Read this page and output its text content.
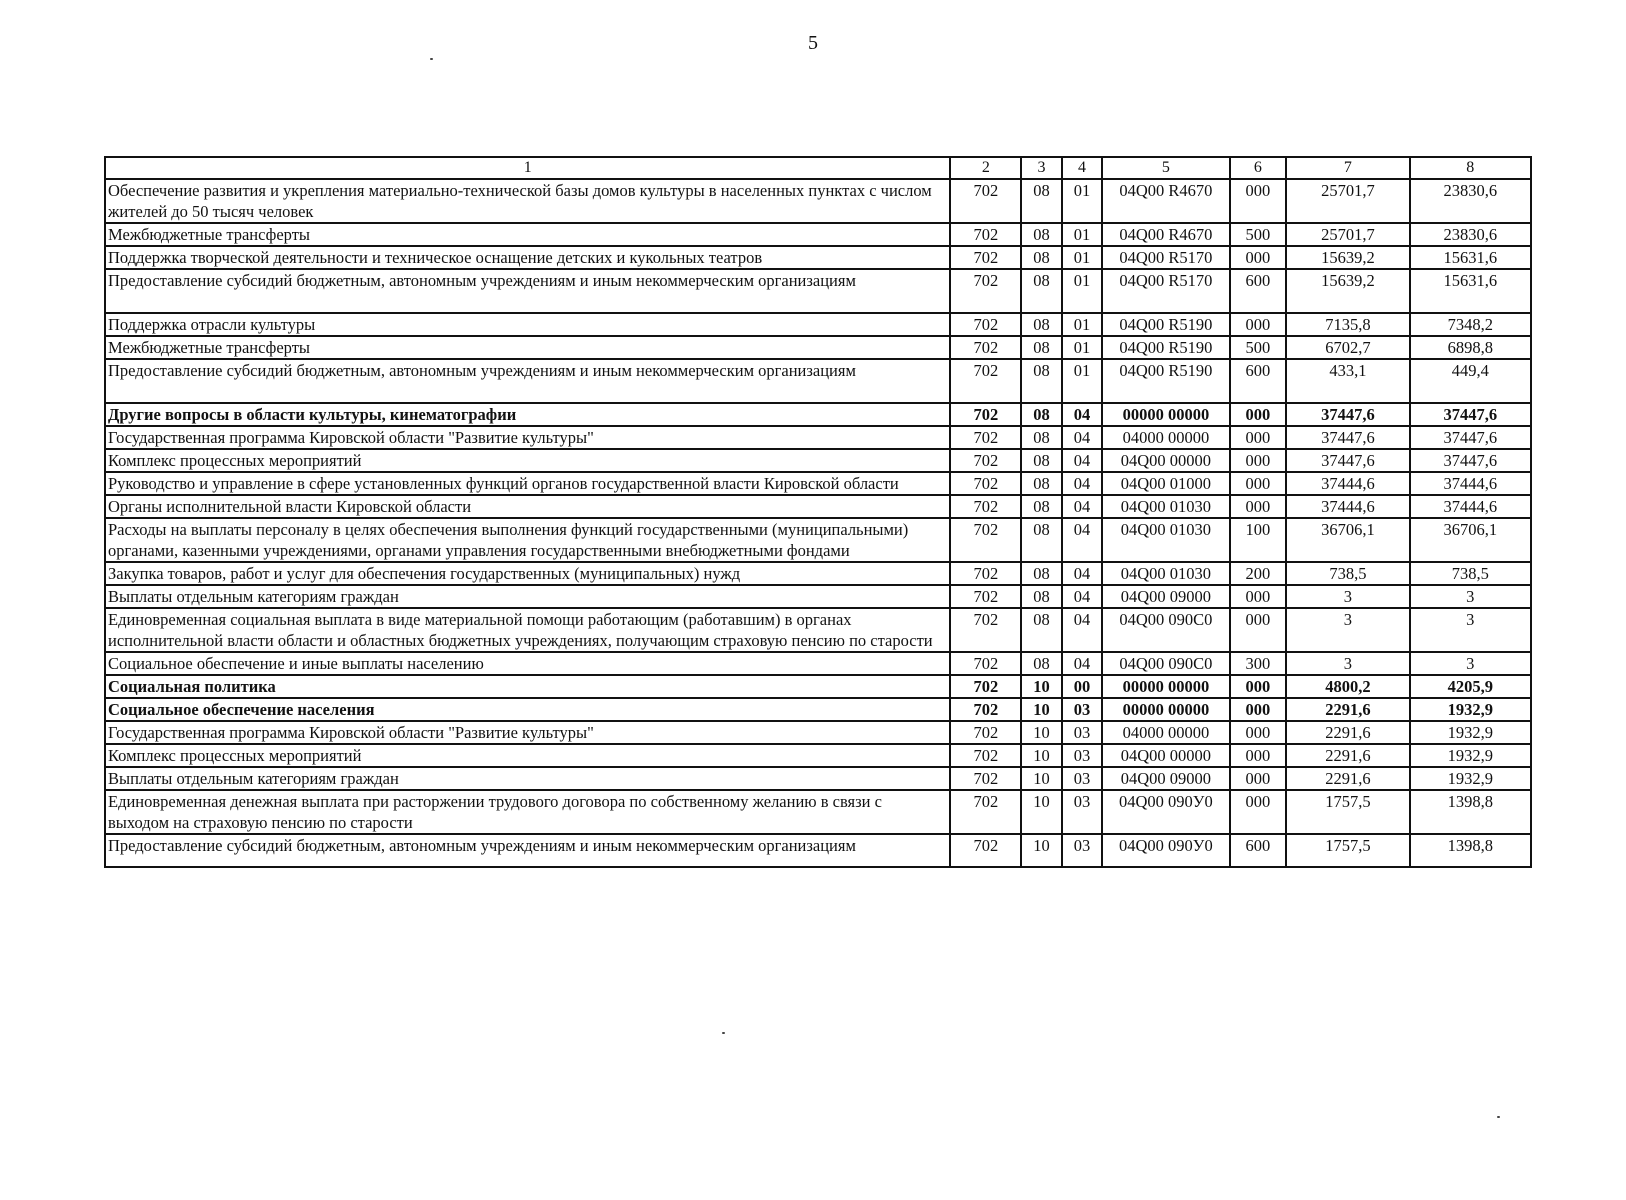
5
1	2	3	4	5	6	7	8
Обеспечение развития и укрепления материально-технической базы домов культуры в населенных пунктах с числом жителей до 50 тысяч человек	702	08	01	04Q00 R4670	000	25701,7	23830,6
Межбюджетные трансферты	702	08	01	04Q00 R4670	500	25701,7	23830,6
Поддержка творческой деятельности и техническое оснащение детских и кукольных театров	702	08	01	04Q00 R5170	000	15639,2	15631,6
Предоставление субсидий бюджетным, автономным учреждениям и иным некоммерческим организациям	702	08	01	04Q00 R5170	600	15639,2	15631,6
Поддержка отрасли культуры	702	08	01	04Q00 R5190	000	7135,8	7348,2
Межбюджетные трансферты	702	08	01	04Q00 R5190	500	6702,7	6898,8
Предоставление субсидий бюджетным, автономным учреждениям и иным некоммерческим организациям	702	08	01	04Q00 R5190	600	433,1	449,4
Другие вопросы в области культуры, кинематографии	702	08	04	00000 00000	000	37447,6	37447,6
Государственная программа Кировской области "Развитие культуры"	702	08	04	04000 00000	000	37447,6	37447,6
Комплекс процессных мероприятий	702	08	04	04Q00 00000	000	37447,6	37447,6
Руководство и управление в сфере установленных функций органов государственной власти Кировской области	702	08	04	04Q00 01000	000	37444,6	37444,6
Органы исполнительной власти Кировской области	702	08	04	04Q00 01030	000	37444,6	37444,6
Расходы на выплаты персоналу в целях обеспечения выполнения функций государственными (муниципальными) органами, казенными учреждениями, органами управления государственными внебюджетными фондами	702	08	04	04Q00 01030	100	36706,1	36706,1
Закупка товаров, работ и услуг для обеспечения государственных (муниципальных) нужд	702	08	04	04Q00 01030	200	738,5	738,5
Выплаты отдельным категориям граждан	702	08	04	04Q00 09000	000	3	3
Единовременная социальная выплата в виде материальной помощи работающим (работавшим) в органах исполнительной власти области и областных бюджетных учреждениях, получающим страховую пенсию по старости	702	08	04	04Q00 090С0	000	3	3
Социальное обеспечение и иные выплаты населению	702	08	04	04Q00 090С0	300	3	3
Социальная политика	702	10	00	00000 00000	000	4800,2	4205,9
Социальное обеспечение населения	702	10	03	00000 00000	000	2291,6	1932,9
Государственная программа Кировской области "Развитие культуры"	702	10	03	04000 00000	000	2291,6	1932,9
Комплекс процессных мероприятий	702	10	03	04Q00 00000	000	2291,6	1932,9
Выплаты отдельным категориям граждан	702	10	03	04Q00 09000	000	2291,6	1932,9
Единовременная денежная выплата при расторжении трудового договора по собственному желанию в связи с выходом на страховую пенсию по старости	702	10	03	04Q00 090У0	000	1757,5	1398,8
Предоставление субсидий бюджетным, автономным учреждениям и иным некоммерческим организациям	702	10	03	04Q00 090У0	600	1757,5	1398,8
